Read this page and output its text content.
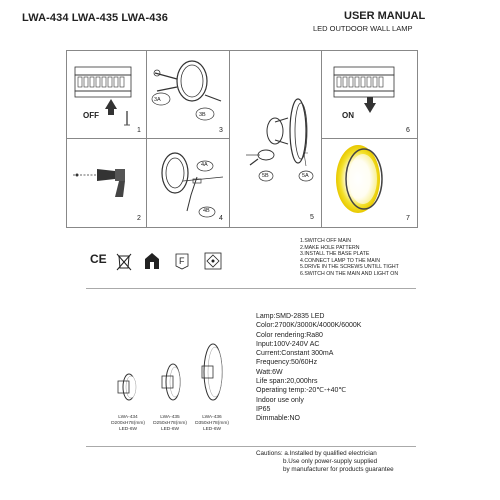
LWA-434 LWA-435 LWA-436	USER MANUAL
LED OUTDOOR WALL LAMP
OFF
1
3A
3B
3
5B	5A
5
ON
6
2
4A
4B
4	7
1.SWITCH OFF MAIN
2.MAKE HOLE PATTERN
3.INSTALL THE BASE PLATE
4.CONNECT LAMP TO THE MAIN
5.DRIVE IN THE SCREWS UNTILL TIGHT
6.SWITCH ON THE MAIN AND LIGHT ON
CE	F
LWA-434
D200xH78(mm)
LED-6W
LWA-435
D250xH78(mm)
LED-6W
LWA-436
D350xH78(mm)
LED-6W
Lamp:SMD-2835 LED
Color:2700K/3000K/4000K/6000K
Color rendering:Ra80
Input:100V-240V AC
Current:Constant 300mA
Frequency:50/60Hz
Watt:6W
Life span:20,000hrs
Operating temp:-20℃-+40℃
Indoor use only
IP65
Dimmable:NO
Cautions: a.Installed by qualified electrician
b.Use only power-supply supplied
by manufacturer for products guarantee
